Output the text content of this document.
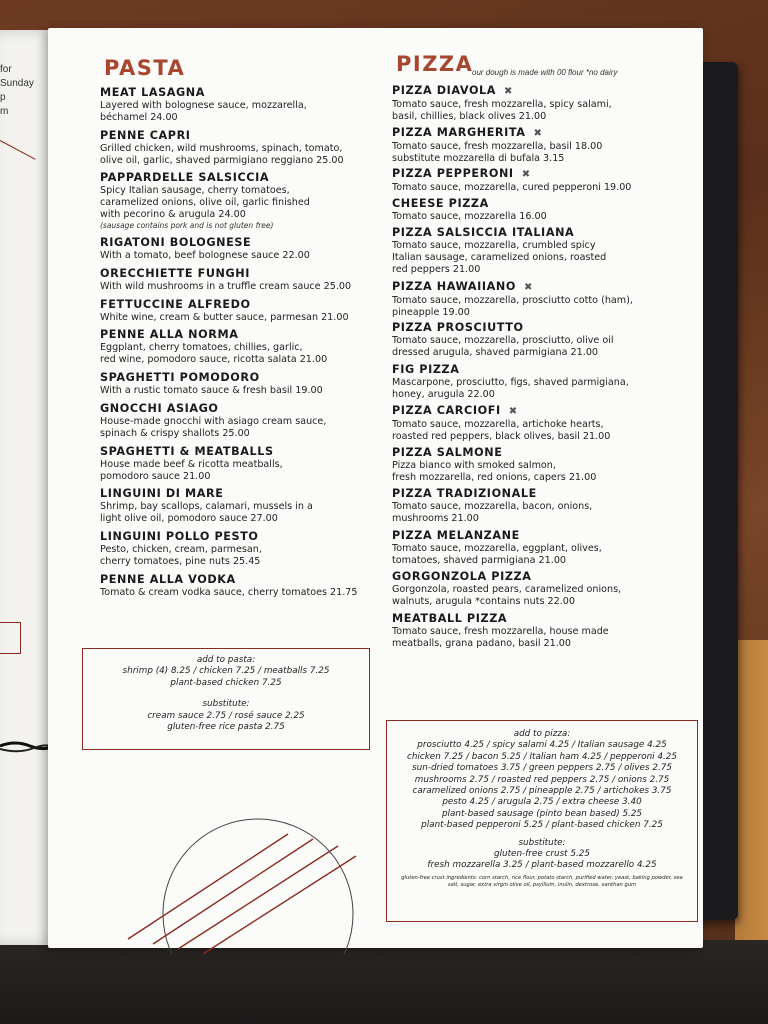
for
Sunday
p
m
PASTA
MEAT LASAGNA
Layered with bolognese sauce, mozzarella,
béchamel 24.00
PENNE CAPRI
Grilled chicken, wild mushrooms, spinach, tomato,
olive oil, garlic, shaved parmigiano reggiano 25.00
PAPPARDELLE SALSICCIA
Spicy Italian sausage, cherry tomatoes,
caramelized onions, olive oil, garlic finished
with pecorino & arugula 24.00
(sausage contains pork and is not gluten free)
RIGATONI BOLOGNESE
With a tomato, beef bolognese sauce 22.00
ORECCHIETTE FUNGHI
With wild mushrooms in a truffle cream sauce 25.00
FETTUCCINE ALFREDO
White wine, cream & butter sauce, parmesan 21.00
PENNE ALLA NORMA
Eggplant, cherry tomatoes, chillies, garlic,
red wine, pomodoro sauce, ricotta salata 21.00
SPAGHETTI POMODORO
With a rustic tomato sauce & fresh basil 19.00
GNOCCHI ASIAGO
House-made gnocchi with asiago cream sauce,
spinach & crispy shallots 25.00
SPAGHETTI & MEATBALLS
House made beef & ricotta meatballs,
pomodoro sauce 21.00
LINGUINI DI MARE
Shrimp, bay scallops, calamari, mussels in a
light olive oil, pomodoro sauce 27.00
LINGUINI POLLO PESTO
Pesto, chicken, cream, parmesan,
cherry tomatoes, pine nuts 25.45
PENNE ALLA VODKA
Tomato & cream vodka sauce, cherry tomatoes 21.75
add to pasta:
shrimp (4) 8.25 / chicken 7.25 / meatballs 7.25
plant-based chicken 7.25
substitute:
cream sauce 2.75 / rosé sauce 2.25
gluten-free rice pasta 2.75
PIZZA
our dough is made with 00 flour *no dairy
PIZZA DIAVOLA ✖
Tomato sauce, fresh mozzarella, spicy salami,
basil, chillies, black olives 21.00
PIZZA MARGHERITA ✖
Tomato sauce, fresh mozzarella, basil 18.00
substitute mozzarella di bufala 3.15
PIZZA PEPPERONI ✖
Tomato sauce, mozzarella, cured pepperoni 19.00
CHEESE PIZZA
Tomato sauce, mozzarella 16.00
PIZZA SALSICCIA ITALIANA
Tomato sauce, mozzarella, crumbled spicy
Italian sausage, caramelized onions, roasted
red peppers 21.00
PIZZA HAWAIIANO ✖
Tomato sauce, mozzarella, prosciutto cotto (ham),
pineapple 19.00
PIZZA PROSCIUTTO
Tomato sauce, mozzarella, prosciutto, olive oil
dressed arugula, shaved parmigiana 21.00
FIG PIZZA
Mascarpone, prosciutto, figs, shaved parmigiana,
honey, arugula 22.00
PIZZA CARCIOFI ✖
Tomato sauce, mozzarella, artichoke hearts,
roasted red peppers, black olives, basil 21.00
PIZZA SALMONE
Pizza bianco with smoked salmon,
fresh mozzarella, red onions, capers 21.00
PIZZA TRADIZIONALE
Tomato sauce, mozzarella, bacon, onions,
mushrooms 21.00
PIZZA MELANZANE
Tomato sauce, mozzarella, eggplant, olives,
tomatoes, shaved parmigiana 21.00
GORGONZOLA PIZZA
Gorgonzola, roasted pears, caramelized onions,
walnuts, arugula *contains nuts 22.00
MEATBALL PIZZA
Tomato sauce, fresh mozzarella, house made
meatballs, grana padano, basil 21.00
add to pizza:
prosciutto 4.25 / spicy salami 4.25 / Italian sausage 4.25
chicken 7.25 / bacon 5.25 / Italian ham 4.25 / pepperoni 4.25
sun-dried tomatoes 3.75 / green peppers 2.75 / olives 2.75
mushrooms 2.75 / roasted red peppers 2.75 / onions 2.75
caramelized onions 2.75 / pineapple 2.75 / artichokes 3.75
pesto 4.25 / arugula 2.75 / extra cheese 3.40
plant-based sausage (pinto bean based) 5.25
plant-based pepperoni 5.25 / plant-based chicken 7.25
substitute:
gluten-free crust 5.25
fresh mozzarella 3.25 / plant-based mozzarello 4.25
gluten-free crust ingredients: corn starch, rice flour, potato starch, purified water, yeast, baking powder, sea salt, sugar, extra virgin olive oil, psyllium, inulin, dextrose, xanthan gum
